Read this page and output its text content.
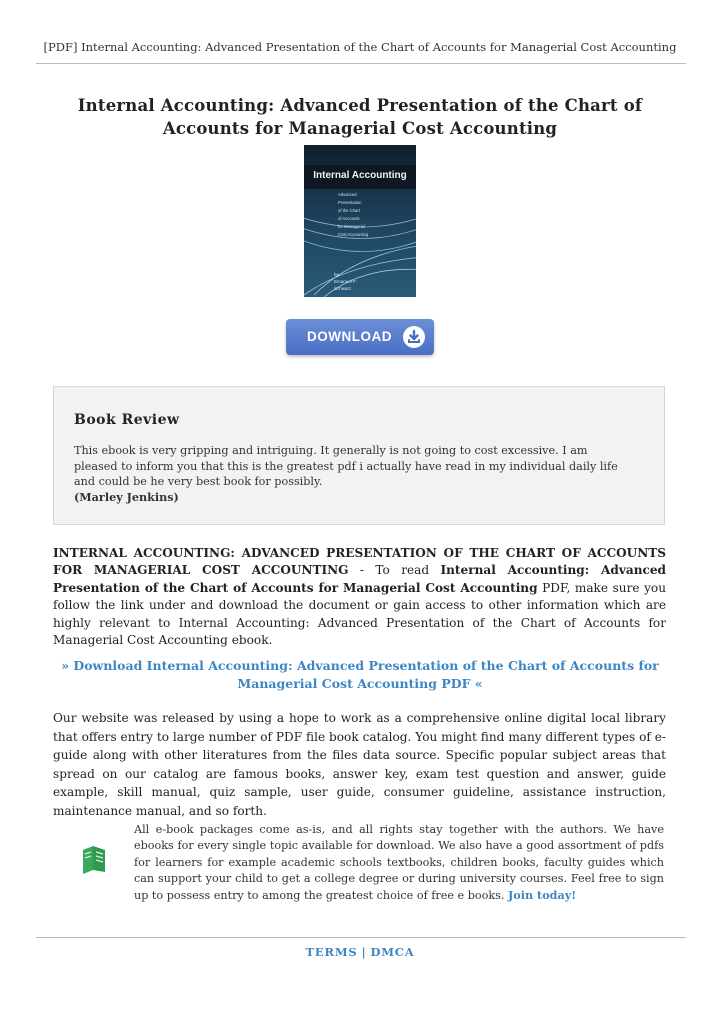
[PDF] Internal Accounting: Advanced Presentation of the Chart of Accounts for Managerial Cost Accounting
Internal Accounting: Advanced Presentation of the Chart of Accounts for Managerial Cost Accounting
Internal Accounting
Advanced
Presentation
of the Chart
of Accounts
for Managerial
Cost Accounting
by
Emanuel F.
Schwarz
DOWNLOAD
Book Review
This ebook is very gripping and intriguing. It generally is not going to cost excessive. I am pleased to inform you that this is the greatest pdf i actually have read in my individual daily life and could be he very best book for possibly.
(Marley Jenkins)
INTERNAL ACCOUNTING: ADVANCED PRESENTATION OF THE CHART OF ACCOUNTS FOR MANAGERIAL COST ACCOUNTING - To read Internal Accounting: Advanced Presentation of the Chart of Accounts for Managerial Cost Accounting PDF, make sure you follow the link under and download the document or gain access to other information which are highly relevant to Internal Accounting: Advanced Presentation of the Chart of Accounts for Managerial Cost Accounting ebook.
» Download Internal Accounting: Advanced Presentation of the Chart of Accounts for Managerial Cost Accounting PDF «
Our website was released by using a hope to work as a comprehensive online digital local library that offers entry to large number of PDF file book catalog. You might find many different types of e-guide along with other literatures from the files data source. Specific popular subject areas that spread on our catalog are famous books, answer key, exam test question and answer, guide example, skill manual, quiz sample, user guide, consumer guideline, assistance instruction, maintenance manual, and so forth.
All e-book packages come as-is, and all rights stay together with the authors. We have ebooks for every single topic available for download. We also have a good assortment of pdfs for learners for example academic schools textbooks, children books, faculty guides which can support your child to get a college degree or during university courses. Feel free to sign up to possess entry to among the greatest choice of free e books. Join today!
TERMS | DMCA
